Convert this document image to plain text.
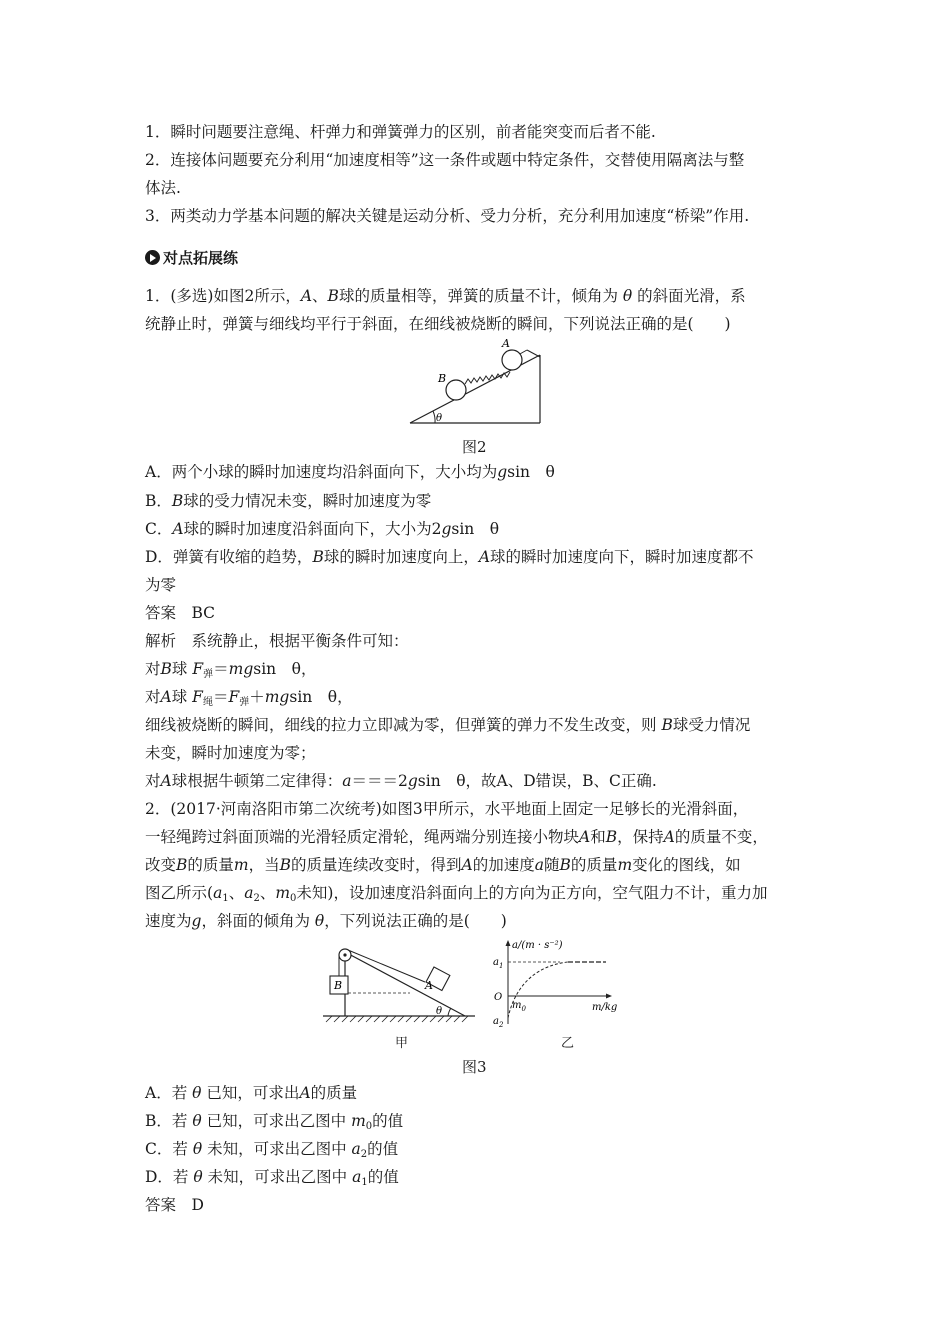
1．瞬时问题要注意绳、杆弹力和弹簧弹力的区别，前者能突变而后者不能.
2．连接体问题要充分利用“加速度相等”这一条件或题中特定条件，交替使用隔离法与整
体法.
3．两类动力学基本问题的解决关键是运动分析、受力分析，充分利用加速度“桥梁”作用.
对点拓展练
1．(多选)如图2所示，A、B球的质量相等，弹簧的质量不计，倾角为 θ 的斜面光滑，系
统静止时，弹簧与细线均平行于斜面，在细线被烧断的瞬间，下列说法正确的是(　　)
B
A
θ
图2
A．两个小球的瞬时加速度均沿斜面向下，大小均为gsin　θ
B．B球的受力情况未变，瞬时加速度为零
C．A球的瞬时加速度沿斜面向下，大小为2gsin　θ
D．弹簧有收缩的趋势，B球的瞬时加速度向上，A球的瞬时加速度向下，瞬时加速度都不
为零
答案　BC
解析　系统静止，根据平衡条件可知：
对B球 $F_弹=mgsin$　θ，
对A球 $F_绳=F_弹+mgsin$　θ，
细线被烧断的瞬间，细线的拉力立即减为零，但弹簧的弹力不发生改变，则 B球受力情况
未变，瞬时加速度为零；
对A球根据牛顿第二定律得：a＝＝＝2gsin　θ，故A、D错误，B、C正确.
2．(2017·河南洛阳市第二次统考)如图3甲所示，水平地面上固定一足够长的光滑斜面，
一轻绳跨过斜面顶端的光滑轻质定滑轮，绳两端分别连接小物块A和B，保持A的质量不变，
改变B的质量m，当B的质量连续改变时，得到A的加速度a随B的质量m变化的图线，如
图乙所示($a_1$、$a_2$、$m_0$未知)，设加速度沿斜面向上的方向为正方向，空气阻力不计，重力加
速度为g，斜面的倾角为 θ，下列说法正确的是(　　)
B	A
θ
甲
a/(m · s⁻²)
m/kg
$a_1$
O
$a_2$
$m_0$
乙
图3
A．若 θ 已知，可求出A的质量
B．若 θ 已知，可求出乙图中 $m_0$的值
C．若 θ 未知，可求出乙图中 $a_2$的值
D．若 θ 未知，可求出乙图中 $a_1$的值
答案　D
